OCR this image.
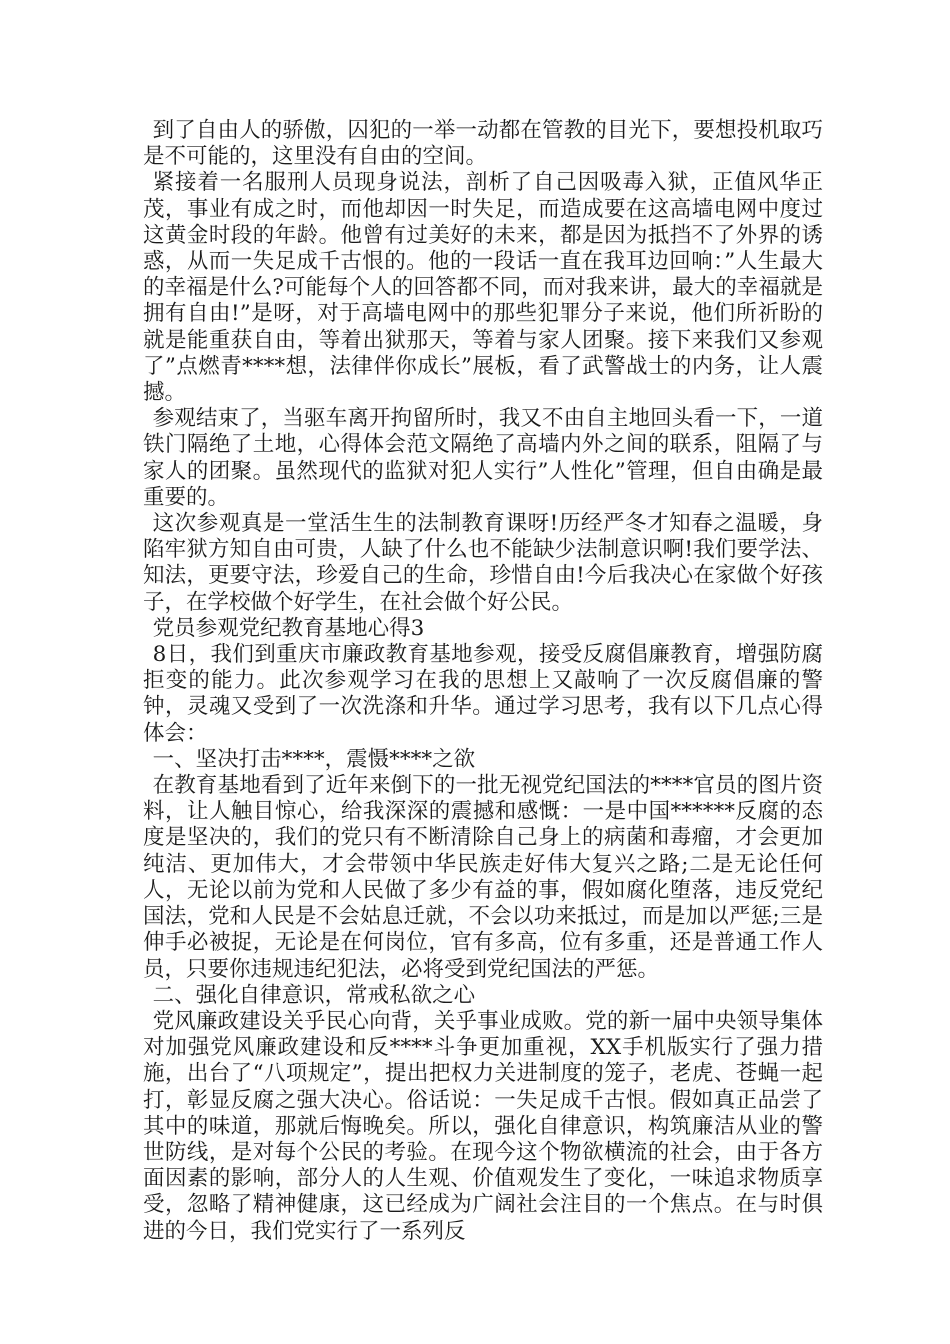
到了自由人的骄傲，囚犯的一举一动都在管教的目光下，要想投机取巧是不可能的，这里没有自由的空间。

紧接着一名服刑人员现身说法，剖析了自己因吸毒入狱，正值风华正茂，事业有成之时，而他却因一时失足，而造成要在这高墙电网中度过这黄金时段的年龄。他曾有过美好的未来，都是因为抵挡不了外界的诱惑，从而一失足成千古恨的。他的一段话一直在我耳边回响：”人生最大的幸福是什么?可能每个人的回答都不同，而对我来讲，最大的幸福就是拥有自由!”是呀，对于高墙电网中的那些犯罪分子来说，他们所祈盼的就是能重获自由，等着出狱那天，等着与家人团聚。接下来我们又参观了”点燃青****想，法律伴你成长”展板，看了武警战士的内务，让人震撼。

参观结束了，当驱车离开拘留所时，我又不由自主地回头看一下，一道铁门隔绝了土地，心得体会范文隔绝了高墙内外之间的联系，阻隔了与家人的团聚。虽然现代的监狱对犯人实行”人性化”管理，但自由确是最重要的。

这次参观真是一堂活生生的法制教育课呀!历经严冬才知春之温暖，身陷牢狱方知自由可贵，人缺了什么也不能缺少法制意识啊!我们要学法、知法，更要守法，珍爱自己的生命，珍惜自由!今后我决心在家做个好孩子，在学校做个好学生，在社会做个好公民。

党员参观党纪教育基地心得3

8日，我们到重庆市廉政教育基地参观，接受反腐倡廉教育，增强防腐拒变的能力。此次参观学习在我的思想上又敲响了一次反腐倡廉的警钟，灵魂又受到了一次洗涤和升华。通过学习思考，我有以下几点心得体会：

一、坚决打击****，震慑****之欲

在教育基地看到了近年来倒下的一批无视党纪国法的****官员的图片资料，让人触目惊心，给我深深的震撼和感慨：一是中国******反腐的态度是坚决的，我们的党只有不断清除自己身上的病菌和毒瘤，才会更加纯洁、更加伟大，才会带领中华民族走好伟大复兴之路;二是无论任何人，无论以前为党和人民做了多少有益的事，假如腐化堕落，违反党纪国法，党和人民是不会姑息迁就，不会以功来抵过，而是加以严惩;三是伸手必被捉，无论是在何岗位，官有多高，位有多重，还是普通工作人员，只要你违规违纪犯法，必将受到党纪国法的严惩。

二、强化自律意识，常戒私欲之心

党风廉政建设关乎民心向背，关乎事业成败。党的新一届中央领导集体对加强党风廉政建设和反****斗争更加重视，XX手机版实行了强力措施，出台了“八项规定”，提出把权力关进制度的笼子，老虎、苍蝇一起打，彰显反腐之强大决心。俗话说：一失足成千古恨。假如真正品尝了其中的味道，那就后悔晚矣。所以，强化自律意识，构筑廉洁从业的警世防线，是对每个公民的考验。在现今这个物欲横流的社会，由于各方面因素的影响，部分人的人生观、价值观发生了变化，一味追求物质享受，忽略了精神健康，这已经成为广阔社会注目的一个焦点。在与时俱进的今日，我们党实行了一系列反
